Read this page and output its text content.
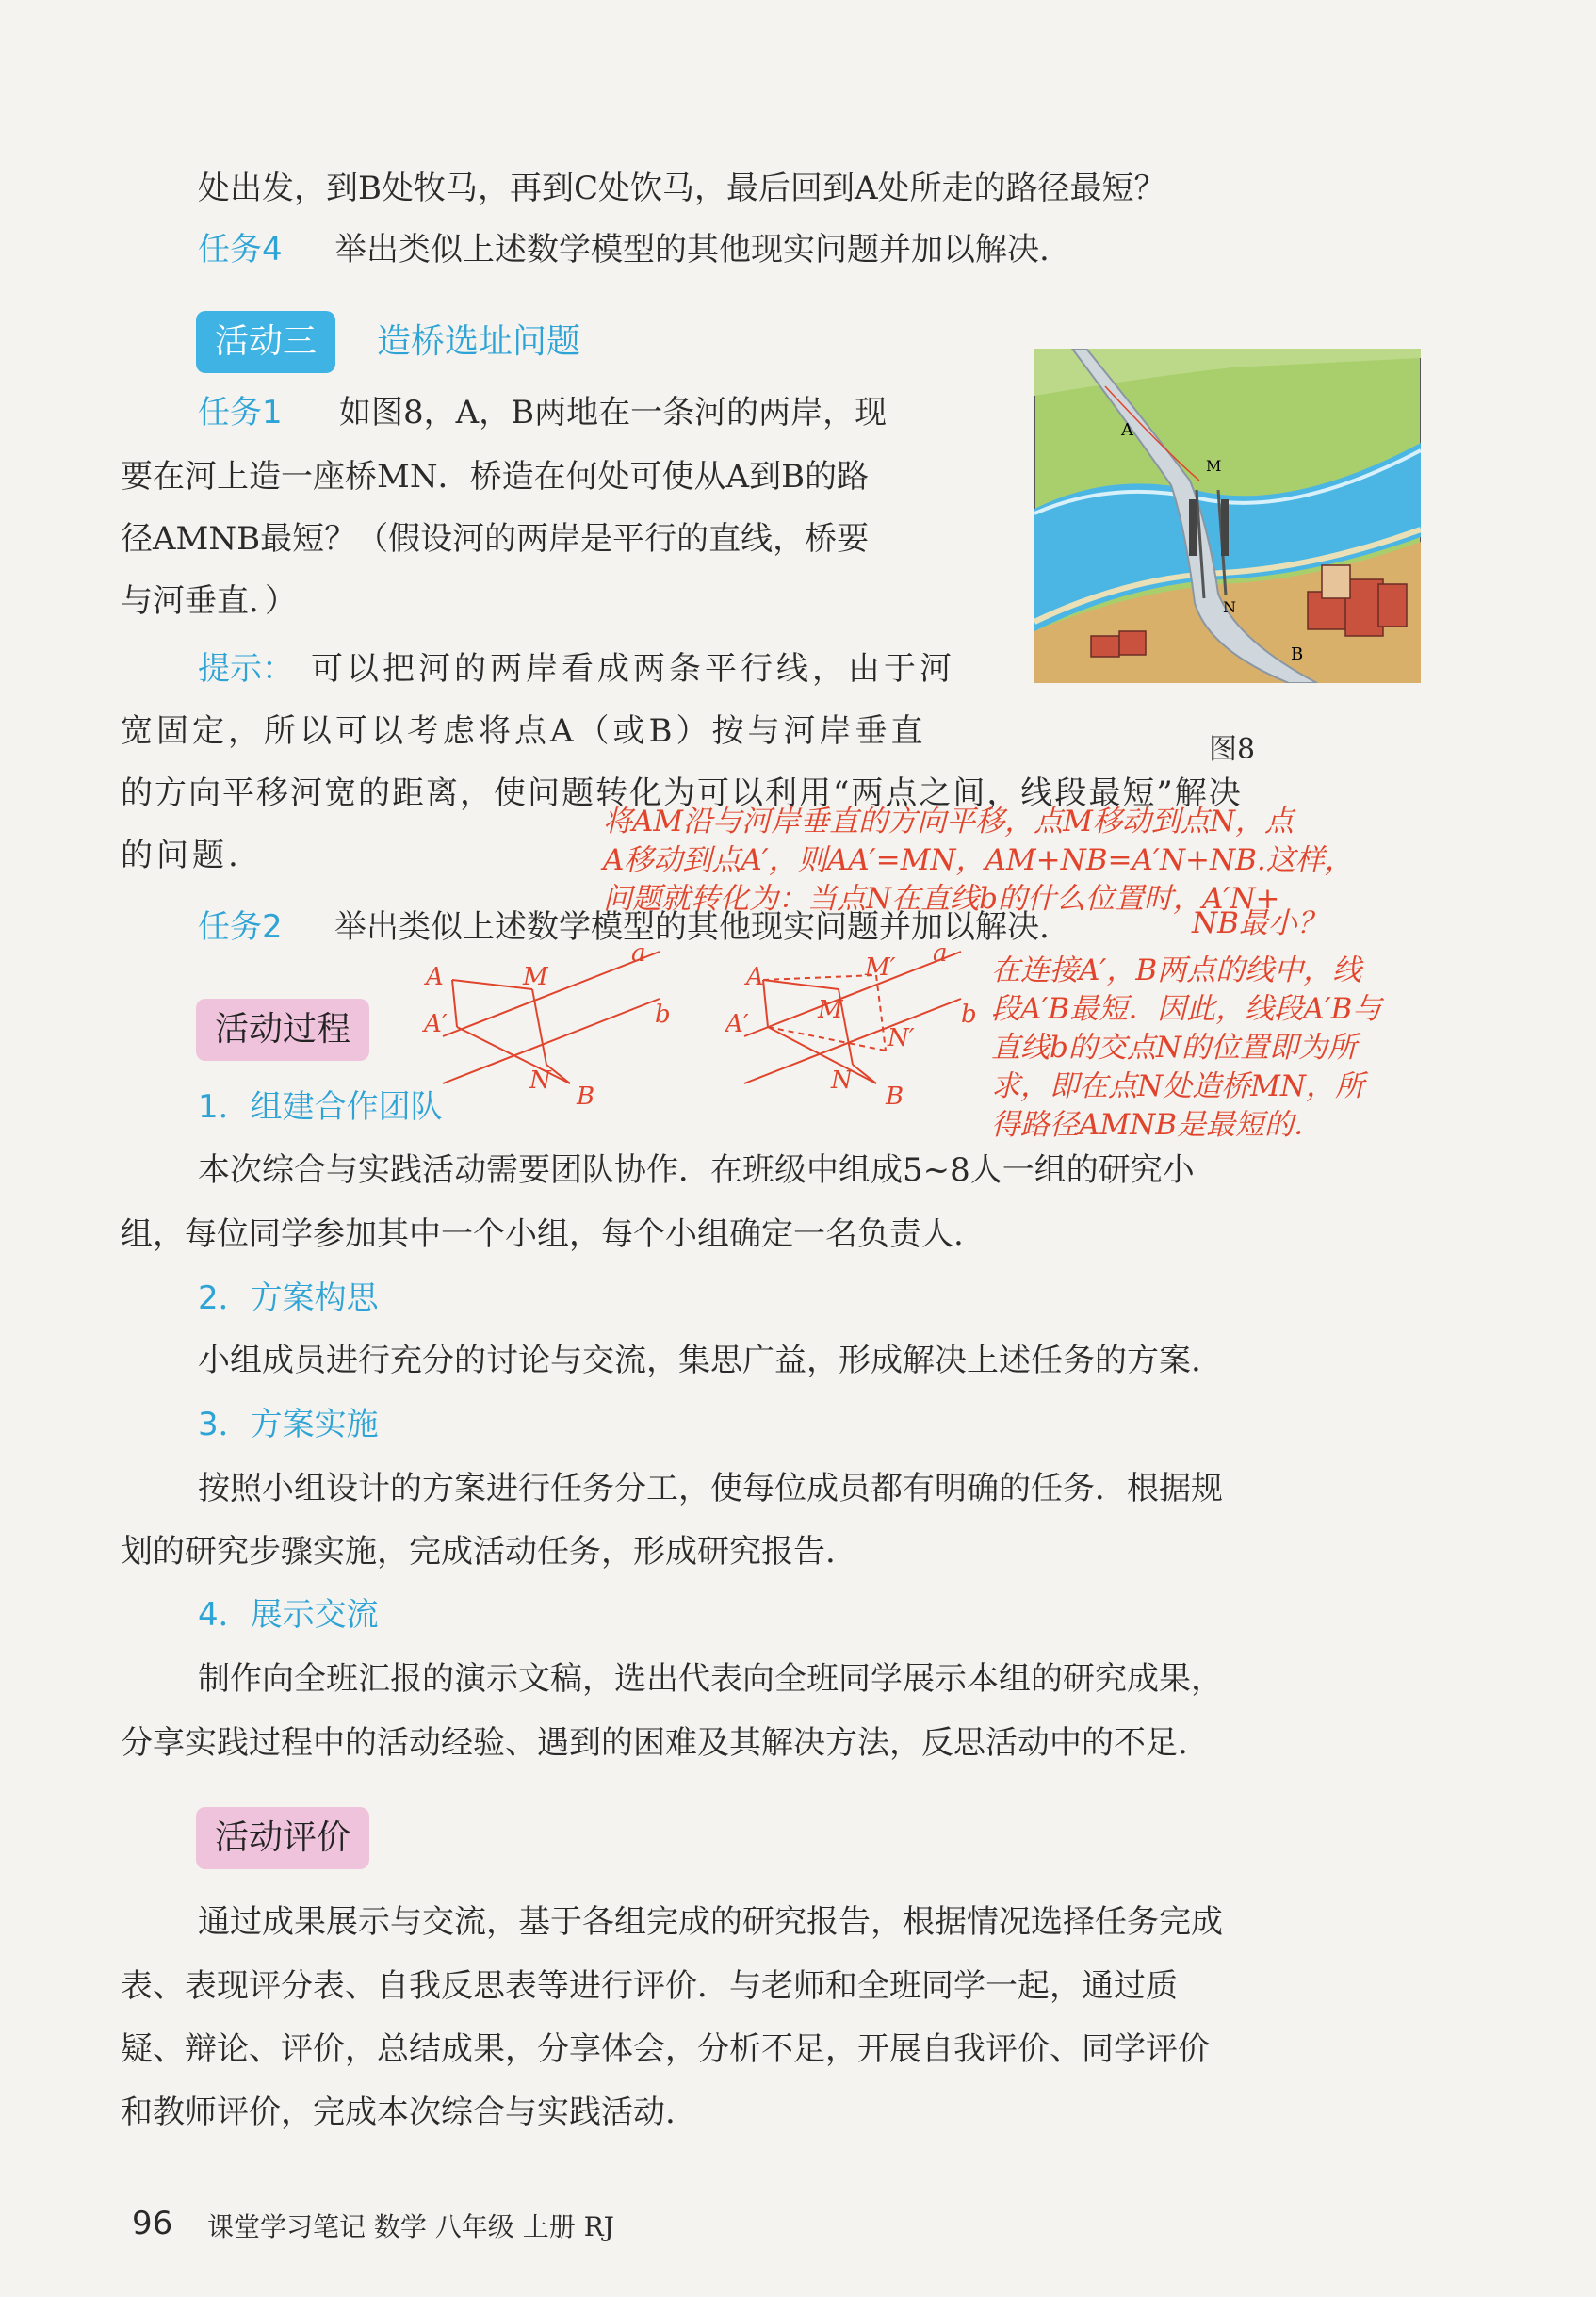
处出发，到B处牧马，再到C处饮马，最后回到A处所走的路径最短？
任务4 举出类似上述数学模型的其他现实问题并加以解决.
活动三	造桥选址问题
任务1 如图8，A，B两地在一条河的两岸，现
要在河上造一座桥MN．桥造在何处可使从A到B的路
径AMNB最短？（假设河的两岸是平行的直线，桥要
与河垂直．）
提示： 可以把河的两岸看成两条平行线，由于河
宽固定，所以可以考虑将点A（或B）按与河岸垂直
的方向平移河宽的距离，使问题转化为可以利用“两点之间，线段最短”解决
的问题.
A
M
N
B
图8
将AM沿与河岸垂直的方向平移，点M移动到点N，点
A移动到点A′，则AA′=MN，AM+NB=A′N+NB.这样，
问题就转化为：当点N在直线b的什么位置时，A′N+
NB最小？
任务2 举出类似上述数学模型的其他现实问题并加以解决.
A	M
a
A′	b
N
B
A
M
M′ a
A′	b
N
N′
B
在连接A′，B两点的线中，线
段A′B最短．因此，线段A′B与
直线b的交点N的位置即为所
求，即在点N处造桥MN，所
得路径AMNB是最短的．
活动过程
1．组建合作团队
本次综合与实践活动需要团队协作．在班级中组成5~8人一组的研究小
组，每位同学参加其中一个小组，每个小组确定一名负责人.
2．方案构思
小组成员进行充分的讨论与交流，集思广益，形成解决上述任务的方案.
3．方案实施
按照小组设计的方案进行任务分工，使每位成员都有明确的任务．根据规
划的研究步骤实施，完成活动任务，形成研究报告.
4．展示交流
制作向全班汇报的演示文稿，选出代表向全班同学展示本组的研究成果，
分享实践过程中的活动经验、遇到的困难及其解决方法，反思活动中的不足.
活动评价
通过成果展示与交流，基于各组完成的研究报告，根据情况选择任务完成
表、表现评分表、自我反思表等进行评价．与老师和全班同学一起，通过质
疑、辩论、评价，总结成果，分享体会，分析不足，开展自我评价、同学评价
和教师评价，完成本次综合与实践活动.
96 课堂学习笔记 数学 八年级 上册 RJ
